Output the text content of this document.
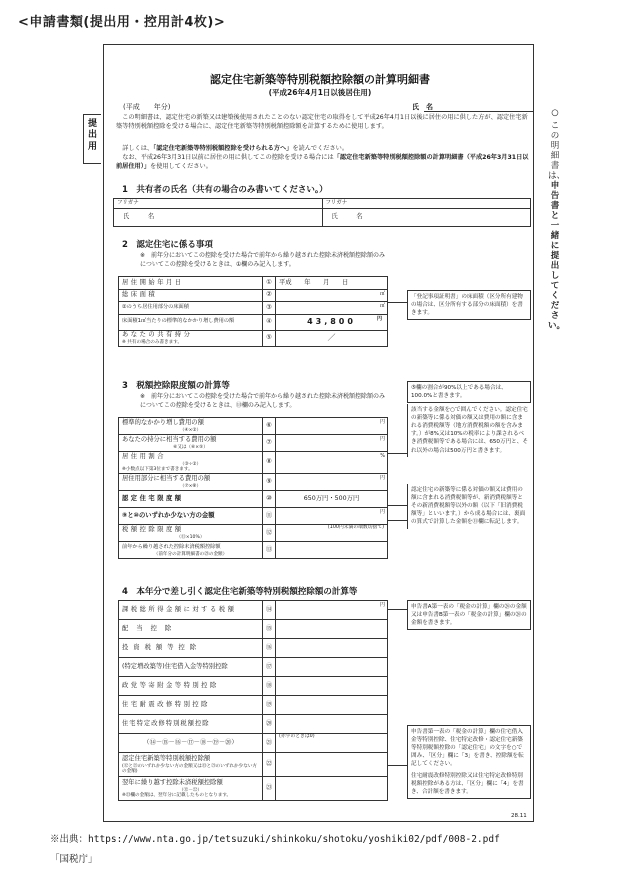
<申請書類(提出用・控用計4枚)>
提出用
認定住宅新築等特別税額控除額の計算明細書
(平成26年4月1日以後居住用)
(平成　　年分)	氏　名
　この明細書は、認定住宅の新築又は建築後使用されたことのない認定住宅の取得をして平成26年4月1日以後に居住の用に供した方が、認定住宅新築等特別税額控除を受ける場合に、認定住宅新築等特別税額控除額を計算するために使用します。
　詳しくは、「認定住宅新築等特別税額控除を受けられる方へ」を読んでください。
　なお、平成26年3月31日以前に居住の用に供してこの控除を受ける場合には「認定住宅新築等特別税額控除額の計算明細書（平成26年3月31日以前居住用）」を使用してください。
1　共有者の氏名（共有の場合のみ書いてください。）
フリガナ	フリガナ
氏　　名	氏　　名
2　認定住宅に係る事項
※　前年分においてこの控除を受けた場合で前年から繰り越された控除未済税額控除額のみについてこの控除を受けるときは、①欄のみ記入します。
居住開始年月日	①	平成　　年　　月　　日
総床面積	②	㎡

②のうち居住用部分の床面積	③	㎡

床面積1㎡当たりの標準的なかかり増し費用の額	④	43,800 円

あなたの共有持分
※ 共有の場合のみ書きます。	⑤	／
「登記事項証明書」の床面積（区分所有建物の場合は、区分所有する部分の床面積）を書きます。
3　税額控除限度額の計算等
※　前年分においてこの控除を受けた場合で前年から繰り越された控除未済税額控除額のみについてこの控除を受けるときは、⑬欄のみ記入します。
標準的なかかり増し費用の額
（④×②）	⑥	円

あなたの持分に相当する費用の額
⑥又は（⑥×⑤）	⑦	円

居住用割合
（③÷②）
※小数点以下第3位まで書きます。	⑧	%

居住用部分に相当する費用の額
（⑦×⑧）	⑨	円

認定住宅限度額	⑩	650万円・500万円
⑨と⑩のいずれか少ない方の金額	⑪	円

税額控除限度額
（⑪×10%）	⑫	(100円未満の端数切捨て)
前年から繰り越された控除未済税額控除額
（前年分の計算明細書の㉓の金額）	⑬	
⑤欄の割合が90%以上である場合は、100.0%と書きます。
該当する金額を○で囲んでください。認定住宅の新築等に係る対価の額又は費用の額に含まれる消費税額等（地方消費税額の額を含みます。）が8%又は10%の税率により課されるべき消費税額等である場合には、650万円と、それ以外の場合は500万円と書きます。
認定住宅の新築等に係る対価の額又は費用の額に含まれる消費税額等が、新消費税額等とその新消費税額等以外の額（以下「旧消費税額等」といいます。）から成る場合には、裏面の算式で計算した金額を⑪欄に転記します。
4　本年分で差し引く認定住宅新築等特別税額控除額の計算等
課税総所得金額に対する税額	⑭	円

配当控除	⑮	
投資税額等控除	⑯	
(特定増改築等)住宅借入金等特別控除	⑰	
政党等寄附金等特別控除	⑱	
住宅耐震改修特別控除	⑲	
住宅特定改修特別税額控除	⑳	
（⑭－⑮－⑯－⑰－⑱－⑲－⑳）	㉑	(赤字のときは0)
認定住宅新築等特別税額控除額
(⑫と㉑のいずれか少ない方の金額又は⑬と㉑のいずれか少ない方の金額)	㉒	
翌年に繰り越す控除未済税額控除額
（⑫－㉒）
※㉓欄の金額は、翌年分に記載したものとなります。	㉓	
申告書A第一表の「税金の計算」欄の㉖の金額又は申告書B第一表の「税金の計算」欄の㉖の金額を書きます。
申告書第一表の「税金の計算」欄の住宅借入金等特別控除、住宅特定改修・認定住宅新築等特別税額控除の「認定住宅」の文字を○で囲み、「区分」欄に「3」を書き、控除額を転記してください。
住宅耐震改修特別控除又は住宅特定改修特別税額控除がある方は、「区分」欄に「4」を書き、合計額を書きます。
○
この明細書は、申告書と一緒に提出してください。
28.11
※出典：https://www.nta.go.jp/tetsuzuki/shinkoku/shotoku/yoshiki02/pdf/008-2.pdf
「国税庁」
